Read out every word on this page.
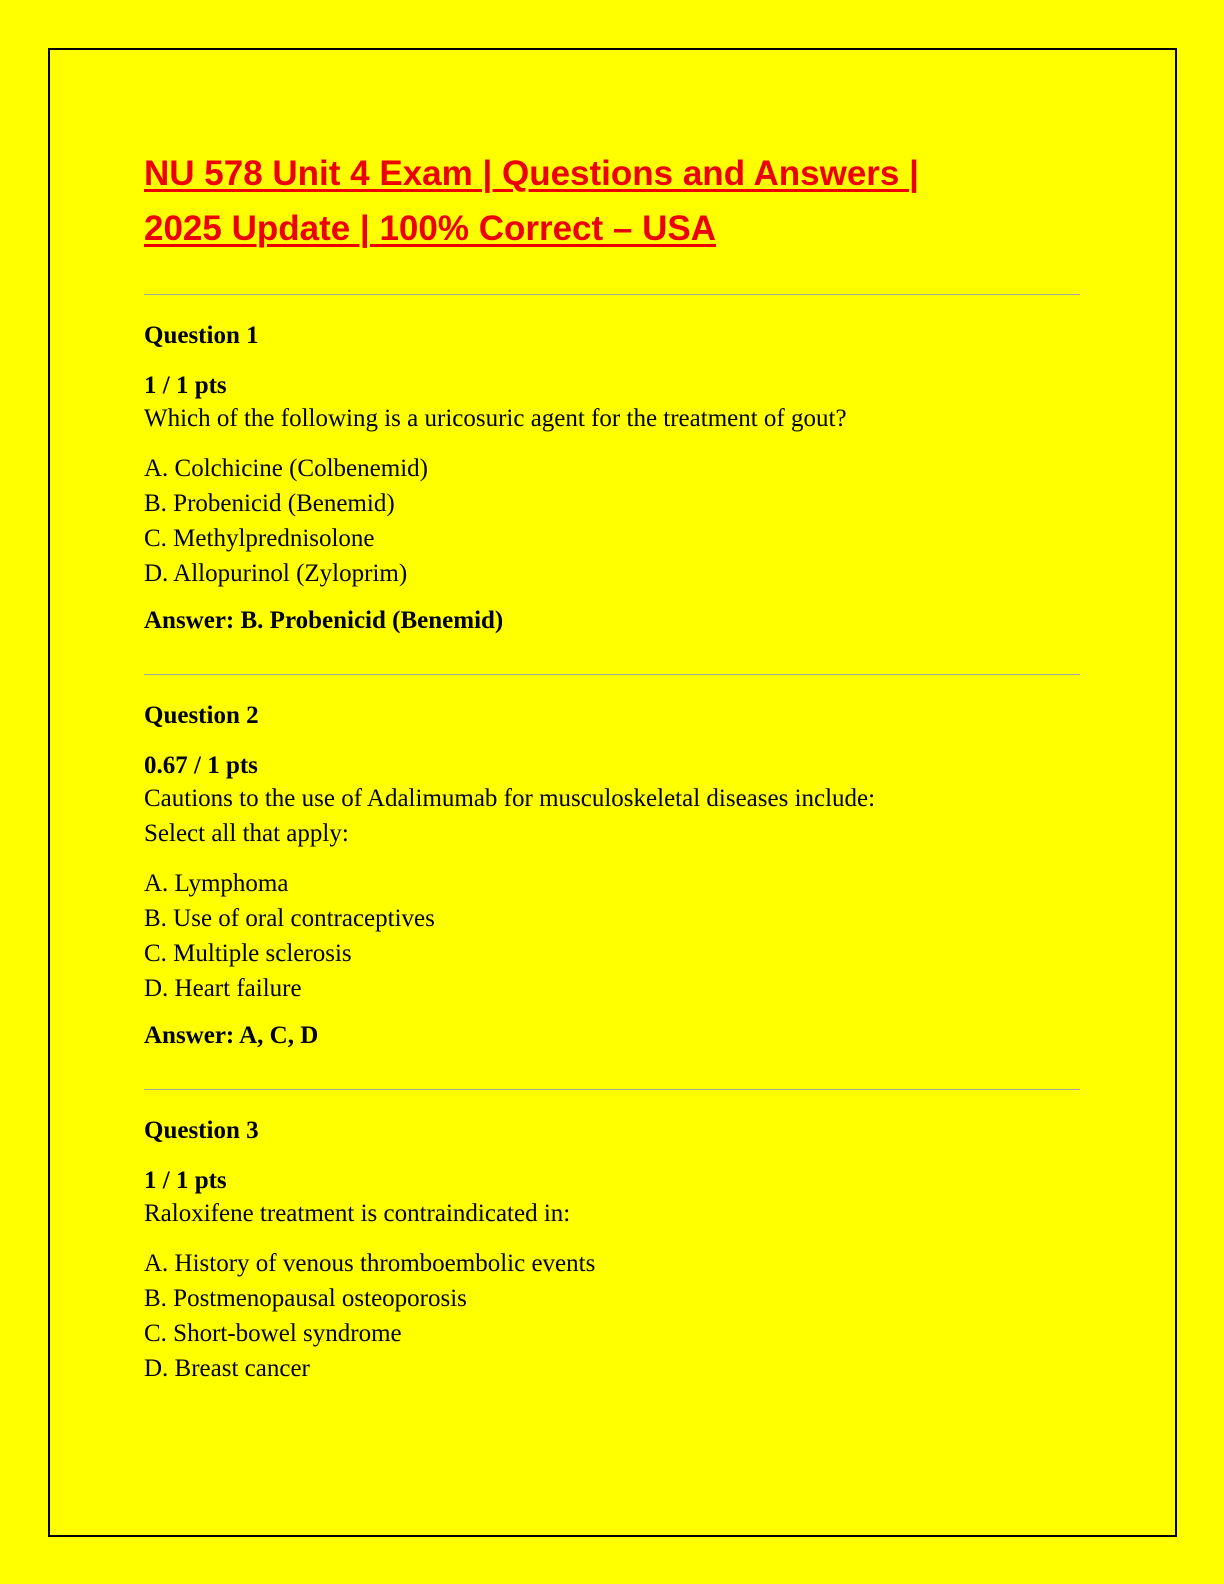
NU 578 Unit 4 Exam | Questions and Answers |
2025 Update | 100% Correct – USA
Question 1
1 / 1 pts
Which of the following is a uricosuric agent for the treatment of gout?
A. Colchicine (Colbenemid)
B. Probenicid (Benemid)
C. Methylprednisolone
D. Allopurinol (Zyloprim)
Answer: B. Probenicid (Benemid)
Question 2
0.67 / 1 pts
Cautions to the use of Adalimumab for musculoskeletal diseases include:
Select all that apply:
A. Lymphoma
B. Use of oral contraceptives
C. Multiple sclerosis
D. Heart failure
Answer: A, C, D
Question 3
1 / 1 pts
Raloxifene treatment is contraindicated in:
A. History of venous thromboembolic events
B. Postmenopausal osteoporosis
C. Short-bowel syndrome
D. Breast cancer
